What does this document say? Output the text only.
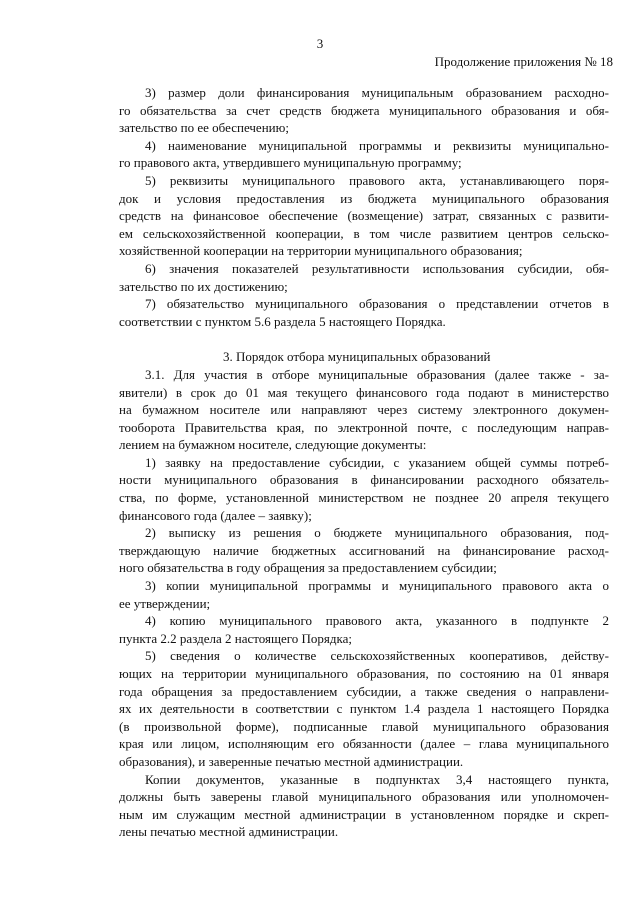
3
Продолжение приложения № 18

3) размер доли финансирования муниципальным образованием расходно-
го обязательства за счет средств бюджета муниципального образования и обя-
зательство по ее обеспечению;

4) наименование муниципальной программы и реквизиты муниципально-
го правового акта, утвердившего муниципальную программу;

5) реквизиты муниципального правового акта, устанавливающего поря-
док и условия предоставления из бюджета муниципального образования
средств на финансовое обеспечение (возмещение) затрат, связанных с развити-
ем сельскохозяйственной кооперации, в том числе развитием центров сельско-
хозяйственной кооперации на территории муниципального образования;

6) значения показателей результативности использования субсидии, обя-
зательство по их достижению;

7) обязательство муниципального образования о представлении отчетов в
соответствии с пунктом 5.6 раздела 5 настоящего Порядка.

3. Порядок отбора муниципальных образований

3.1. Для участия в отборе муниципальные образования (далее также - за-
явители) в срок до 01 мая текущего финансового года подают в министерство
на бумажном носителе или направляют через систему электронного докумен-
тооборота Правительства края, по электронной почте, с последующим направ-
лением на бумажном носителе, следующие документы:

1) заявку на предоставление субсидии, с указанием общей суммы потреб-
ности муниципального образования в финансировании расходного обязатель-
ства, по форме, установленной министерством не позднее 20 апреля текущего
финансового года (далее – заявку);

2) выписку из решения о бюджете муниципального образования, под-
тверждающую наличие бюджетных ассигнований на финансирование расход-
ного обязательства в году обращения за предоставлением субсидии;

3) копии муниципальной программы и муниципального правового акта о
ее утверждении;

4) копию муниципального правового акта, указанного в подпункте 2
пункта 2.2 раздела 2 настоящего Порядка;

5) сведения о количестве сельскохозяйственных кооперативов, действу-
ющих на территории муниципального образования, по состоянию на 01 января
года обращения за предоставлением субсидии, а также сведения о направлени-
ях их деятельности в соответствии с пунктом 1.4 раздела 1 настоящего Порядка
(в произвольной форме), подписанные главой муниципального образования
края или лицом, исполняющим его обязанности (далее – глава муниципального
образования), и заверенные печатью местной администрации.

Копии документов, указанные в подпунктах 3,4 настоящего пункта,
должны быть заверены главой муниципального образования или уполномочен-
ным им служащим местной администрации в установленном порядке и скреп-
лены печатью местной администрации.
